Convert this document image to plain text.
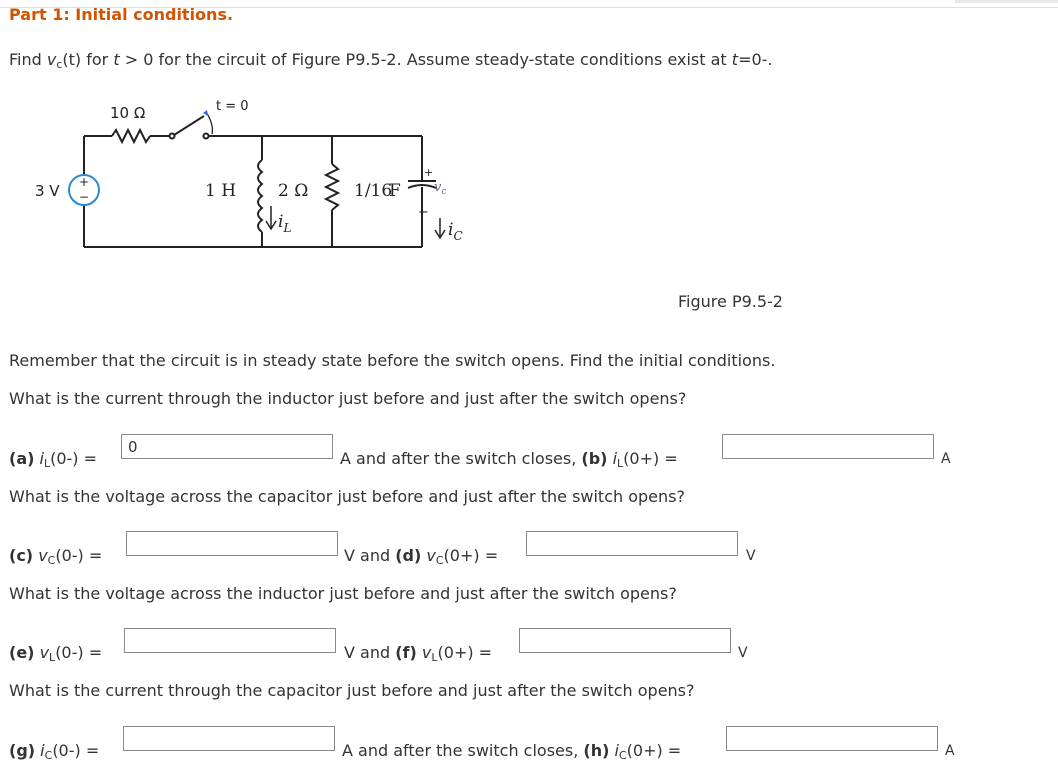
Part 1: Initial conditions.
Find $v_c(t)$ for t > 0 for the circuit of Figure P9.5-2. Assume steady-state conditions exist at t=0-.
+
−
10 Ω	t = 0
3 V	1 H 2 Ω	1/16
F
+
−
$v_c$
$i_L$	$i_C$
Figure P9.5-2
Remember that the circuit is in steady state before the switch opens. Find the initial conditions.
What is the current through the inductor just before and just after the switch opens?
(a) $i_L(0-)$ =
0	A and after the switch closes, (b) $i_L(0+)$ =	A
What is the voltage across the capacitor just before and just after the switch opens?
(c) $v_C(0-)$ =	V and (d) $v_C(0+)$ =	V
What is the voltage across the inductor just before and just after the switch opens?
(e) $v_L(0-)$ =	V and (f) $v_L(0+)$ =	V
What is the current through the capacitor just before and just after the switch opens?
(g) $i_C(0-)$ =	A and after the switch closes, (h) $i_C(0+)$ =	A
